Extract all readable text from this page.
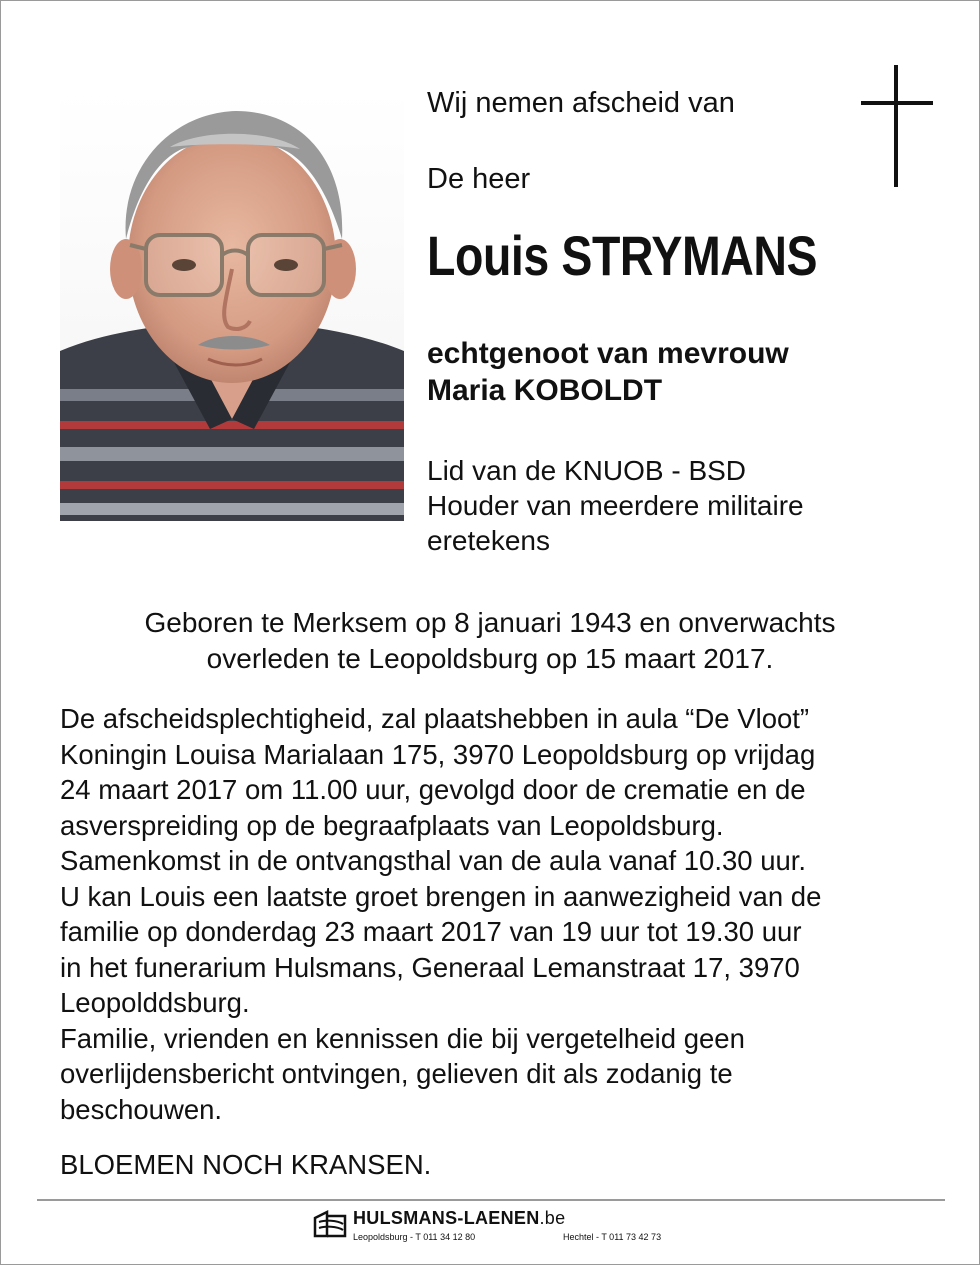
Wij nemen afscheid van
De heer
Louis STRYMANS
echtgenoot van mevrouw
Maria KOBOLDT
Lid van de KNUOB - BSD
Houder van meerdere militaire
eretekens
Geboren te Merksem op 8 januari 1943 en onverwachts
overleden te Leopoldsburg op 15 maart 2017.
De afscheidsplechtigheid, zal plaatshebben in aula “De Vloot”
Koningin Louisa Marialaan 175, 3970 Leopoldsburg op vrijdag
24 maart 2017 om 11.00 uur, gevolgd door de crematie en de
asverspreiding op de begraafplaats van Leopoldsburg.
Samenkomst in de ontvangsthal van de aula vanaf 10.30 uur.
U kan Louis een laatste groet brengen in aanwezigheid van de
familie op donderdag 23 maart 2017 van 19 uur tot 19.30 uur
in het funerarium Hulsmans, Generaal Lemanstraat 17, 3970
Leopolddsburg.
Familie, vrienden en kennissen die bij vergetelheid geen
overlijdensbericht ontvingen, gelieven dit als zodanig te
beschouwen.
BLOEMEN NOCH KRANSEN.
HULSMANS-LAENEN.be
Leopoldsburg - T 011 34 12 80	Hechtel - T 011 73 42 73
